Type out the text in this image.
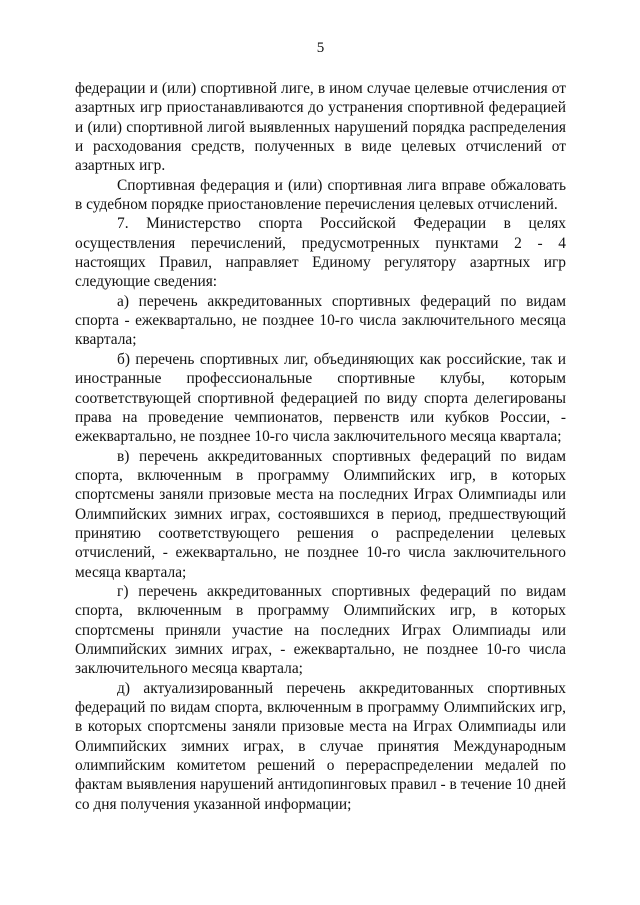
5

федерации и (или) спортивной лиге, в ином случае целевые отчисления от азартных игр приостанавливаются до устранения спортивной федерацией и (или) спортивной лигой выявленных нарушений порядка распределения и расходования средств, полученных в виде целевых отчислений от азартных игр.

Спортивная федерация и (или) спортивная лига вправе обжаловать в судебном порядке приостановление перечисления целевых отчислений.

7. Министерство спорта Российской Федерации в целях осуществления перечислений, предусмотренных пунктами 2 - 4 настоящих Правил, направляет Единому регулятору азартных игр следующие сведения:

а) перечень аккредитованных спортивных федераций по видам спорта - ежеквартально, не позднее 10-го числа заключительного месяца квартала;

б) перечень спортивных лиг, объединяющих как российские, так и иностранные профессиональные спортивные клубы, которым соответствующей спортивной федерацией по виду спорта делегированы права на проведение чемпионатов, первенств или кубков России, - ежеквартально, не позднее 10-го числа заключительного месяца квартала;

в) перечень аккредитованных спортивных федераций по видам спорта, включенным в программу Олимпийских игр, в которых спортсмены заняли призовые места на последних Играх Олимпиады или Олимпийских зимних играх, состоявшихся в период, предшествующий принятию соответствующего решения о распределении целевых отчислений, - ежеквартально, не позднее 10-го числа заключительного месяца квартала;

г) перечень аккредитованных спортивных федераций по видам спорта, включенным в программу Олимпийских игр, в которых спортсмены приняли участие на последних Играх Олимпиады или Олимпийских зимних играх, - ежеквартально, не позднее 10-го числа заключительного месяца квартала;

д) актуализированный перечень аккредитованных спортивных федераций по видам спорта, включенным в программу Олимпийских игр, в которых спортсмены заняли призовые места на Играх Олимпиады или Олимпийских зимних играх, в случае принятия Международным олимпийским комитетом решений о перераспределении медалей по фактам выявления нарушений антидопинговых правил - в течение 10 дней со дня получения указанной информации;
